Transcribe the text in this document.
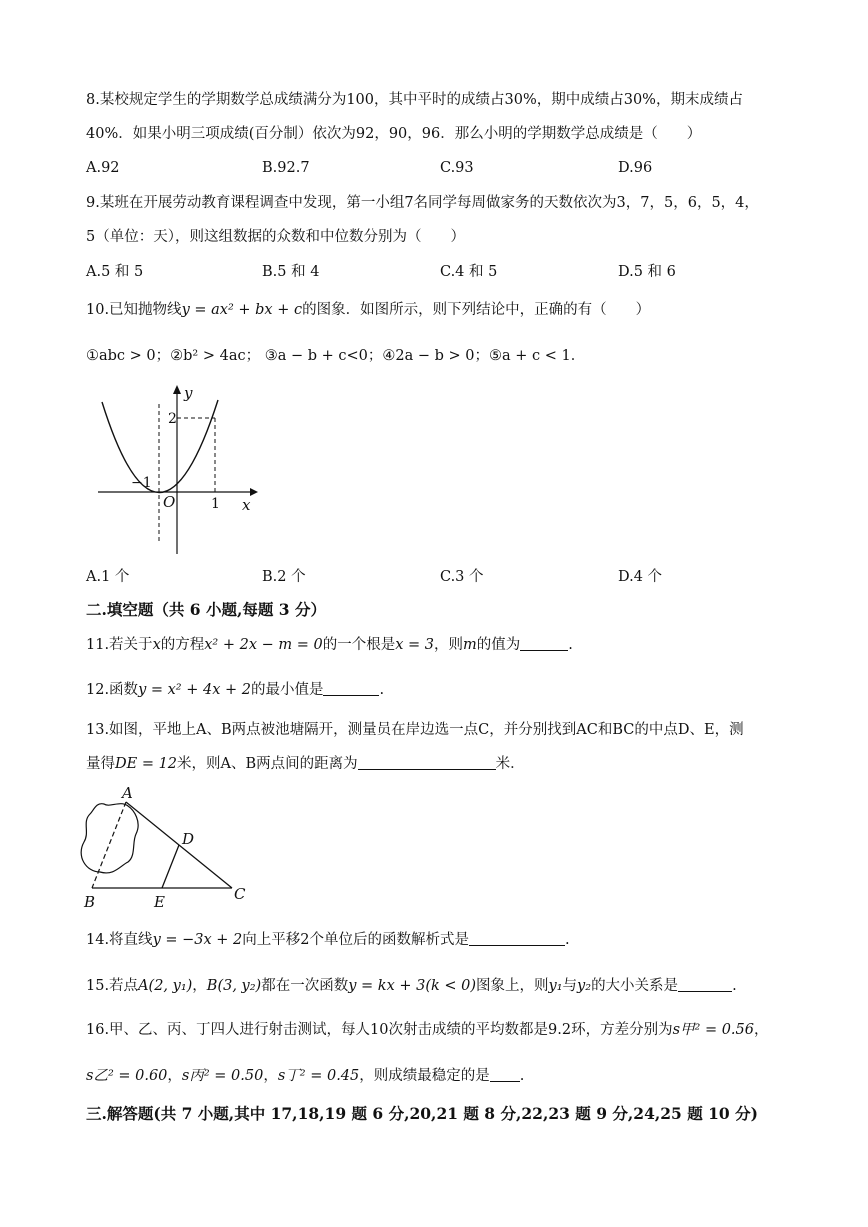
8.某校规定学生的学期数学总成绩满分为100，其中平时的成绩占30%，期中成绩占30%，期末成绩占
40%．如果小明三项成绩(百分制）依次为92，90，96．那么小明的学期数学总成绩是（　　）
A.92	B.92.7	C.93	D.96
9.某班在开展劳动教育课程调查中发现，第一小组7名同学每周做家务的天数依次为3，7，5，6，5，4，
5（单位：天），则这组数据的众数和中位数分别为（　　）
A.5 和 5	B.5 和 4	C.4 和 5	D.5 和 6
10.已知抛物线y = ax² + bx + c的图象．如图所示，则下列结论中，正确的有（　　）
①abc > 0；②b² > 4ac； ③a − b + c<0；④2a − b > 0；⑤a + c < 1．
y
x
O
2
1
−1
A.1 个	B.2 个	C.3 个	D.4 个
二.填空题（共 6 小题,每题 3 分）
11.若关于x的方程x² + 2x − m = 0的一个根是x = 3，则m的值为	.
12.函数y = x² + 4x + 2的最小值是	.
13.如图，平地上A、B两点被池塘隔开，测量员在岸边选一点C，并分别找到AC和BC的中点D、E，测
量得DE = 12米，则A、B两点间的距离为	米．
A
B	C
D
E
14.将直线y = −3x + 2向上平移2个单位后的函数解析式是	.
15.若点A(2, y₁)，B(3, y₂)都在一次函数y = kx + 3(k < 0)图象上，则y₁与y₂的大小关系是	.
16.甲、乙、丙、丁四人进行射击测试，每人10次射击成绩的平均数都是9.2环，方差分别为s甲² = 0.56，
s乙² = 0.60，s丙² = 0.50，s丁² = 0.45，则成绩最稳定的是 .
三.解答题(共 7 小题,其中 17,18,19 题 6 分,20,21 题 8 分,22,23 题 9 分,24,25 题 10 分)
